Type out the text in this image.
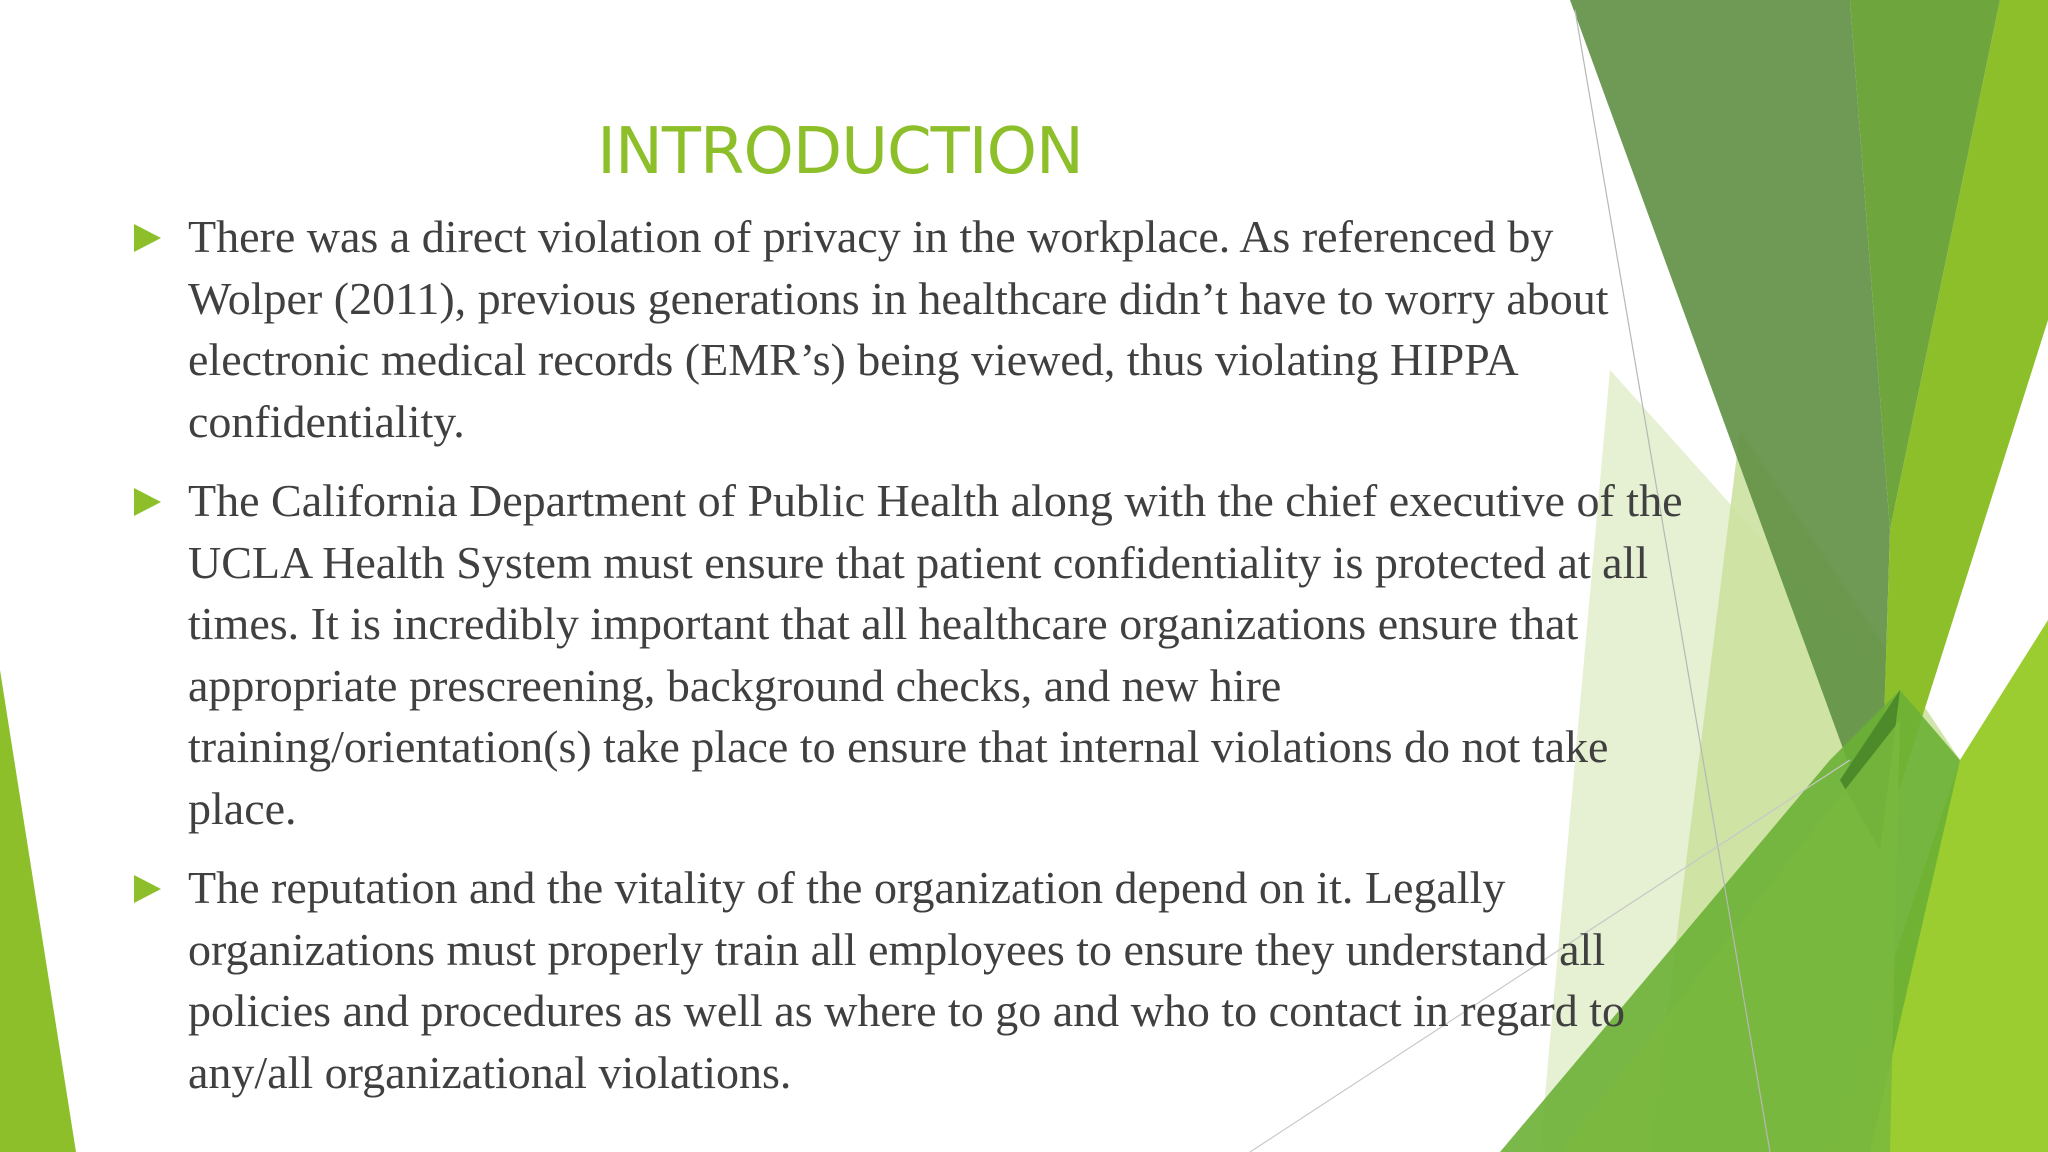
INTRODUCTION
There was a direct violation of privacy in the workplace. As referenced by Wolper (2011), previous generations in healthcare didn’t have to worry about electronic medical records (EMR’s) being viewed, thus violating HIPPA confidentiality.
The California Department of Public Health along with the chief executive of the UCLA Health System must ensure that patient confidentiality is protected at all times. It is incredibly important that all healthcare organizations ensure that appropriate prescreening, background checks, and new hire training/orientation(s) take place to ensure that internal violations do not take place.
The reputation and the vitality of the organization depend on it. Legally organizations must properly train all employees to ensure they understand all policies and procedures as well as where to go and who to contact in regard to any/all organizational violations.
